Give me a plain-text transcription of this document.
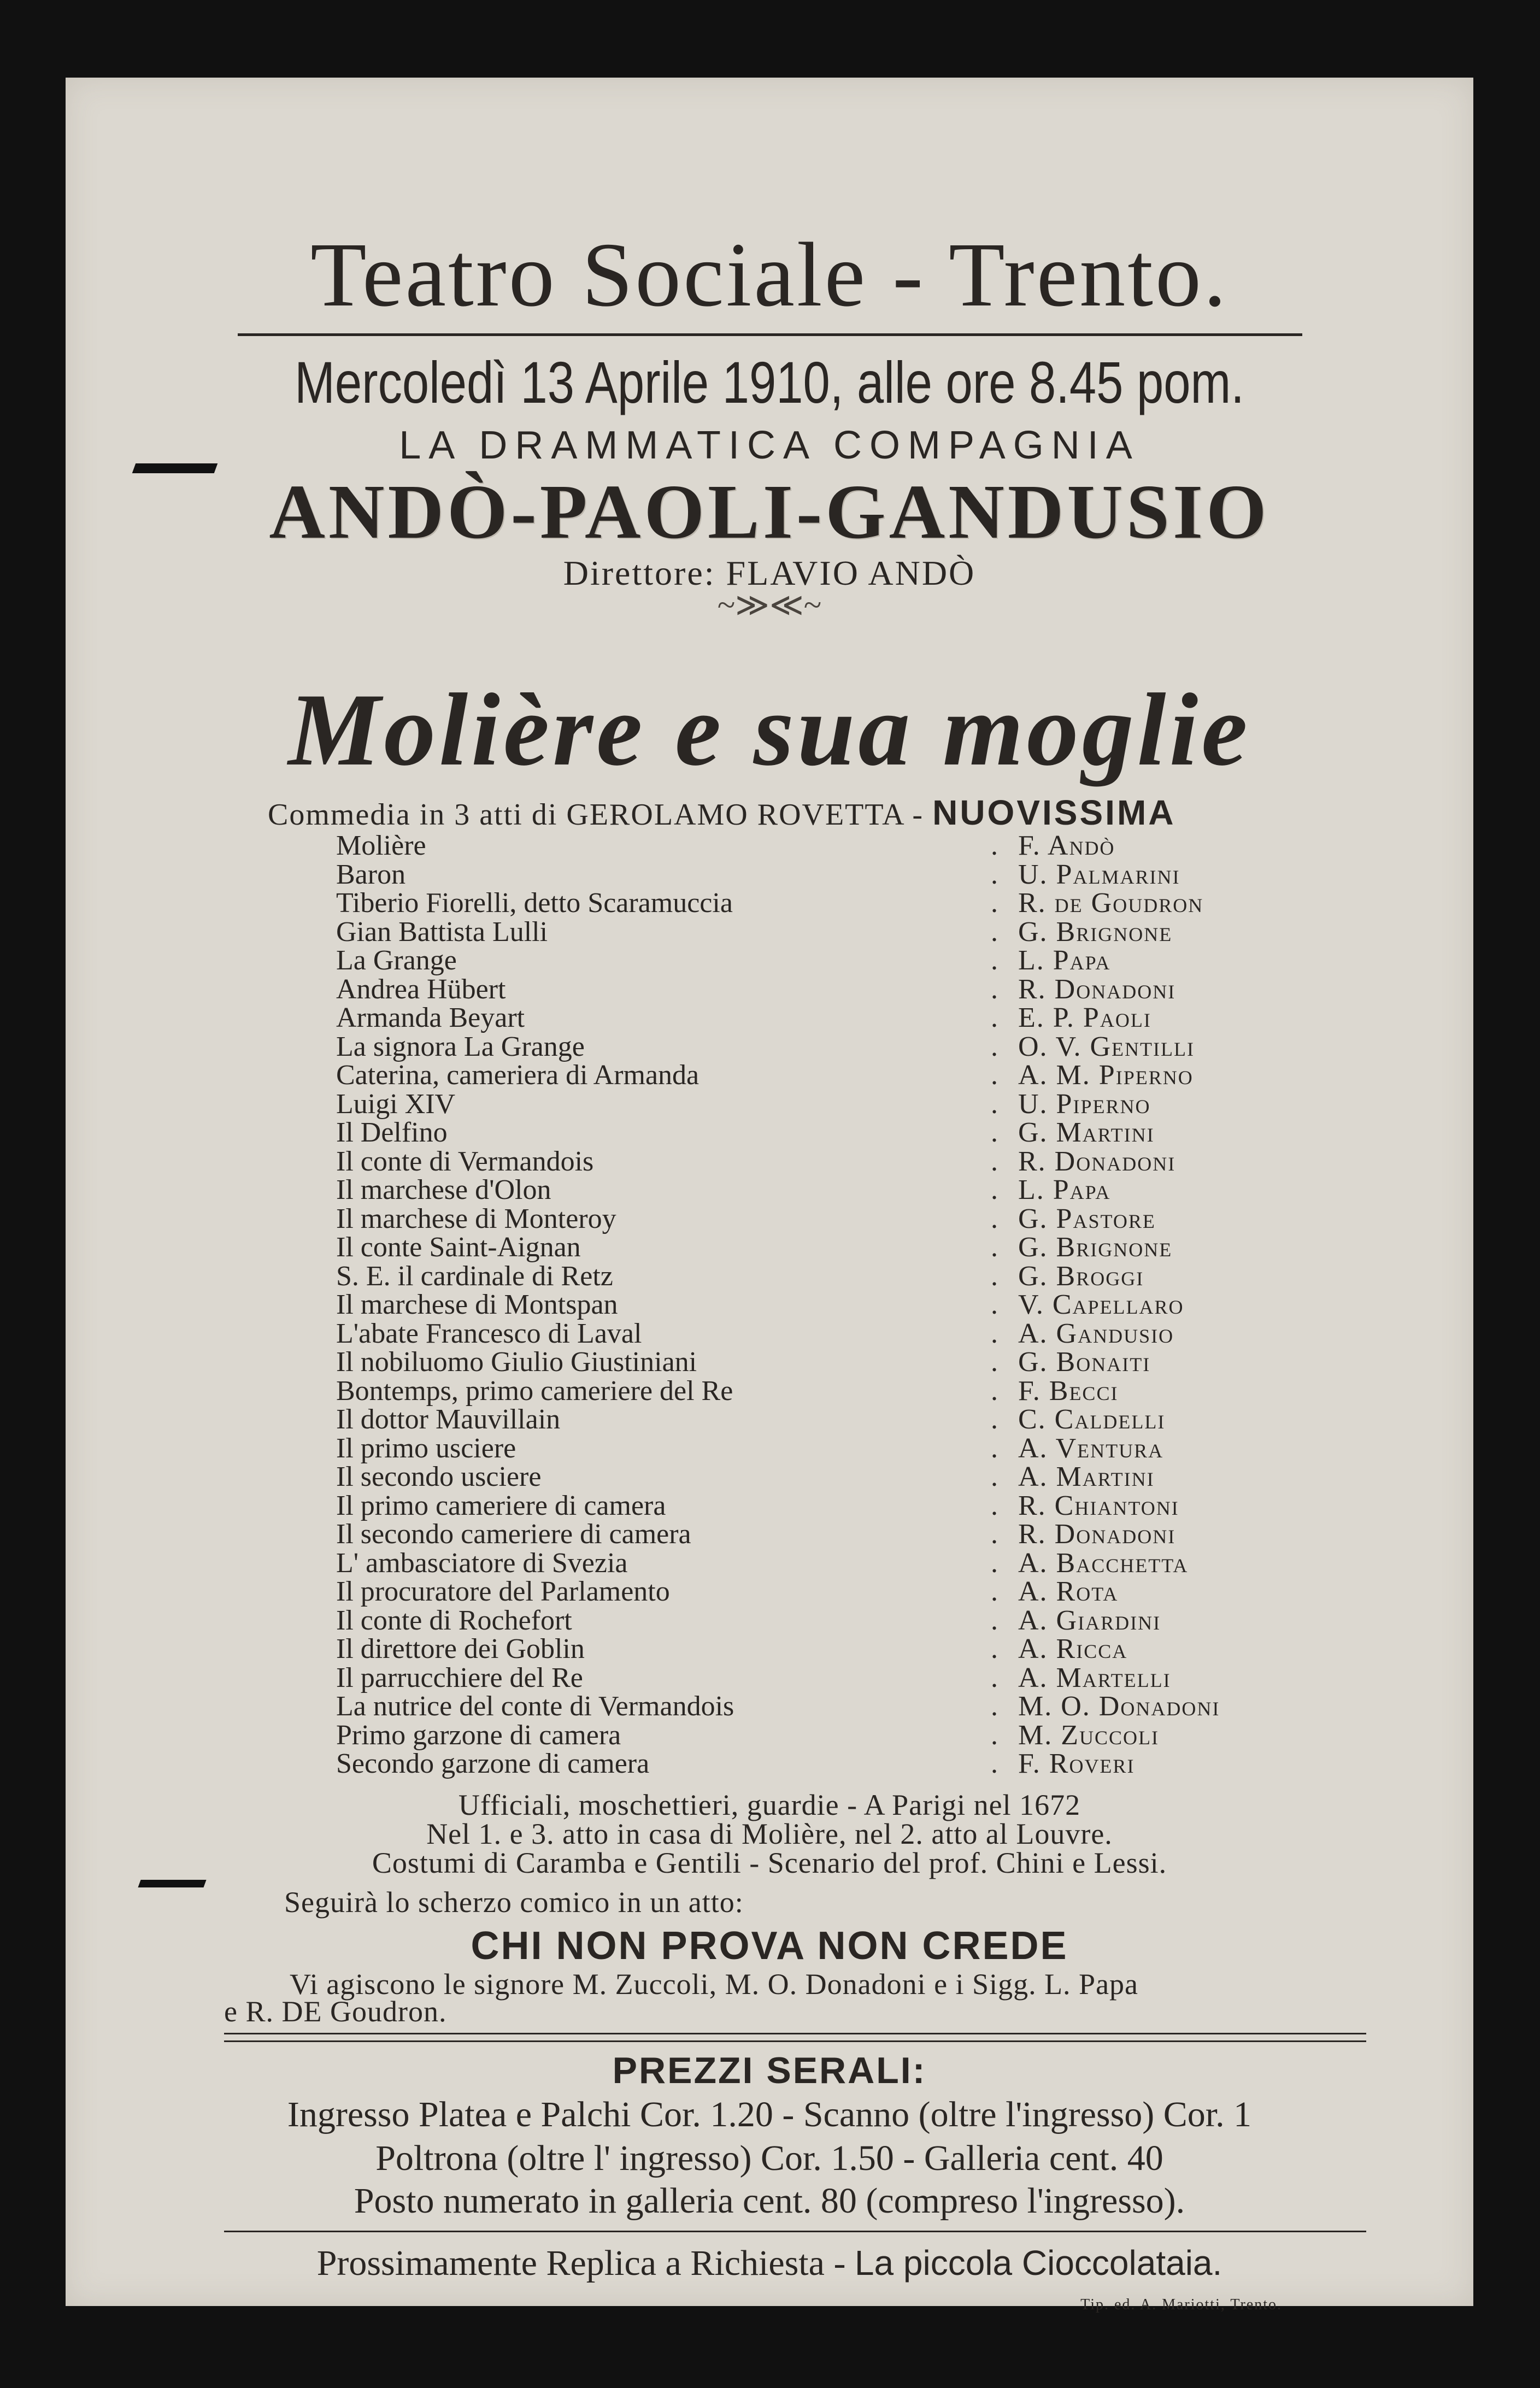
Teatro Sociale - Trento.
Mercoledì 13 Aprile 1910, alle ore 8.45 pom.
LA DRAMMATICA COMPAGNIA
ANDÒ-PAOLI-GANDUSIO
Direttore: FLAVIO ANDÒ
~≫≪~
Molière e sua moglie
Commedia in 3 atti di GEROLAMO ROVETTA - NUOVISSIMA
Molière	. F. Andò
Baron	. U. Palmarini
Tiberio Fiorelli, detto Scaramuccia	. R. de Goudron
Gian Battista Lulli	. G. Brignone
La Grange	. L. Papa
Andrea Hübert	. R. Donadoni
Armanda Beyart	. E. P. Paoli
La signora La Grange	. O. V. Gentilli
Caterina, cameriera di Armanda	. A. M. Piperno
Luigi XIV	. U. Piperno
Il Delfino	. G. Martini
Il conte di Vermandois	. R. Donadoni
Il marchese d'Olon	. L. Papa
Il marchese di Monteroy	. G. Pastore
Il conte Saint-Aignan	. G. Brignone
S. E. il cardinale di Retz	. G. Broggi
Il marchese di Montspan	. V. Capellaro
L'abate Francesco di Laval	. A. Gandusio
Il nobiluomo Giulio Giustiniani	. G. Bonaiti
Bontemps, primo cameriere del Re	. F. Becci
Il dottor Mauvillain	. C. Caldelli
Il primo usciere	. A. Ventura
Il secondo usciere	. A. Martini
Il primo cameriere di camera	. R. Chiantoni
Il secondo cameriere di camera	. R. Donadoni
L' ambasciatore di Svezia	. A. Bacchetta
Il procuratore del Parlamento	. A. Rota
Il conte di Rochefort	. A. Giardini
Il direttore dei Goblin	. A. Ricca
Il parrucchiere del Re	. A. Martelli
La nutrice del conte di Vermandois	. M. O. Donadoni
Primo garzone di camera	. M. Zuccoli
Secondo garzone di camera	. F. Roveri
Ufficiali, moschettieri, guardie - A Parigi nel 1672
Nel 1. e 3. atto in casa di Molière, nel 2. atto al Louvre.
Costumi di Caramba e Gentili - Scenario del prof. Chini e Lessi.
Seguirà lo scherzo comico in un atto:
CHI NON PROVA NON CREDE
Vi agiscono le signore M. Zuccoli, M. O. Donadoni e i Sigg. L. Papa
e R. DE Goudron.
PREZZI SERALI:
Ingresso Platea e Palchi Cor. 1.20 - Scanno (oltre l'ingresso) Cor. 1
Poltrona (oltre l' ingresso) Cor. 1.50 - Galleria cent. 40
Posto numerato in galleria cent. 80 (compreso l'ingresso).
Prossimamente Replica a Richiesta - La piccola Cioccolataia.
Tip. ed. A. Mariotti, Trento.
